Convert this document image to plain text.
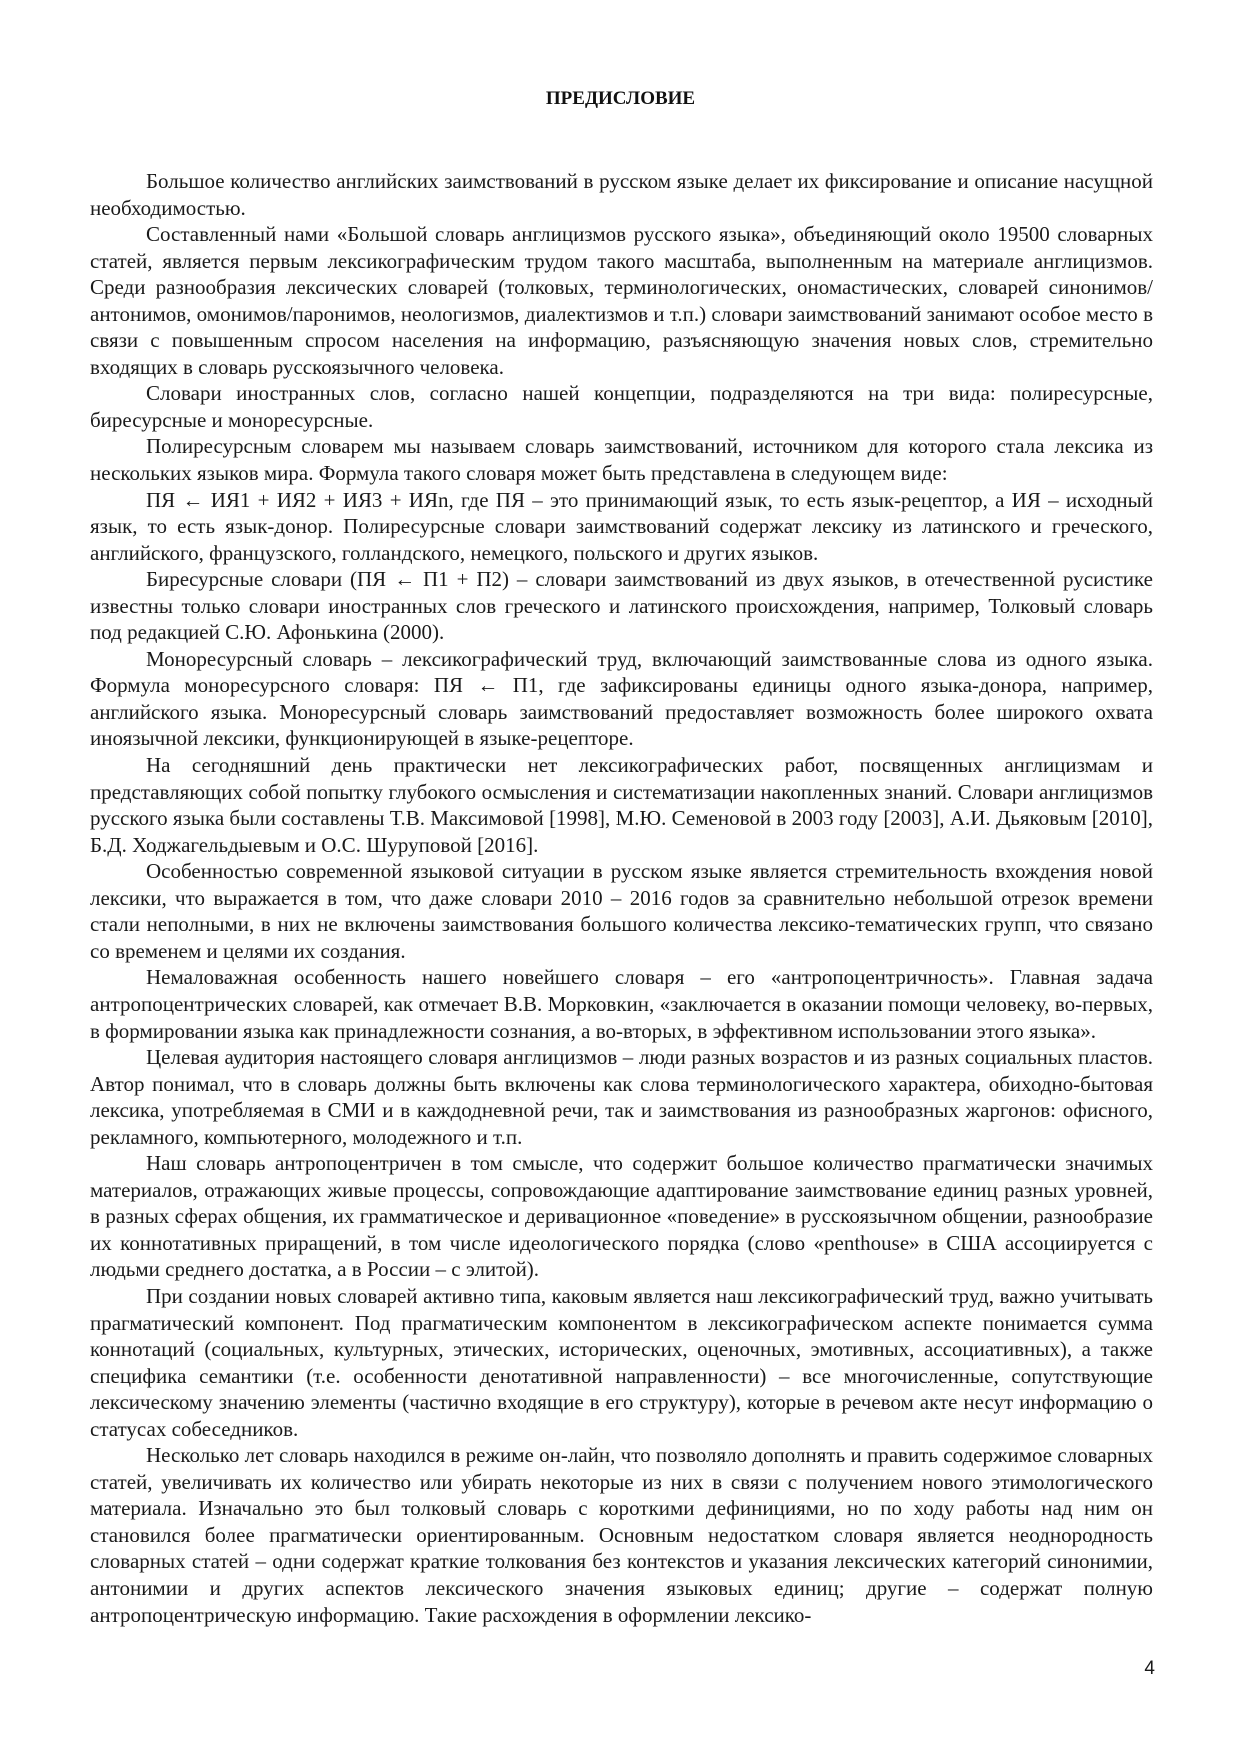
ПРЕДИСЛОВИЕ

Большое количество английских заимствований в русском языке делает их фиксирование и описание насущной необходимостью.

Составленный нами «Большой словарь англицизмов русского языка», объединяющий около 19500 словарных статей, является первым лексикографическим трудом такого масштаба, выполненным на материале англицизмов. Среди разнообразия лексических словарей (толковых, терминологических, ономастических, словарей синонимов/антонимов, омонимов/паронимов, неологизмов, диалектизмов и т.п.) словари заимствований занимают особое место в связи с повышенным спросом населения на информацию, разъясняющую значения новых слов, стремительно входящих в словарь русскоязычного человека.

Словари иностранных слов, согласно нашей концепции, подразделяются на три вида: полиресурсные, биресурсные и монoресурсные.

Полиресурсным словарем мы называем словарь заимствований, источником для которого стала лексика из нескольких языков мира. Формула такого словаря может быть представлена в следующем виде:

ПЯ ← ИЯ1 + ИЯ2 + ИЯ3 + ИЯn, где ПЯ – это принимающий язык, то есть язык-рецептор, а ИЯ – исходный язык, то есть язык-донор. Полиресурсные словари заимствований содержат лексику из латинского и греческого, английского, французского, голландского, немецкого, польского и других языков.

Бирeсурсные словари (ПЯ ← П1 + П2) – словари заимствований из двух языков, в отечественной русистике известны только словари иностранных слов греческого и латинского происхождения, например, Толковый словарь под редакцией С.Ю. Афонькина (2000).

Монoресурсный словарь – лексикографический труд, включающий заимствованные слова из одного языка. Формула моноресурсного словаря: ПЯ ← П1, где зафиксированы единицы одного языка-донора, например, английского языка. Монoресурсный словарь заимствований предоставляет возможность более широкого охвата иноязычной лексики, функционирующей в языке-рецепторе.

На сегодняшний день практически нет лексикографических работ, посвященных англицизмам и представляющих собой попытку глубокого осмысления и систематизации накопленных знаний. Словари англицизмов русского языка были составлены Т.В. Максимовой [1998], М.Ю. Семеновой в 2003 году [2003], А.И. Дьяковым [2010], Б.Д. Ходжагельдыевым и О.С. Шуруповой [2016].

Особенностью современной языковой ситуации в русском языке является стремительность вхождения новой лексики, что выражается в том, что даже словари 2010 – 2016 годов за сравнительно небольшой отрезок времени стали неполными, в них не включены заимствования большого количества лексико-тематических групп, что связано со временем и целями их создания.

Немаловажная особенность нашего новейшего словаря – его «антропоцентричность». Главная задача антропоцентрических словарей, как отмечает В.В. Морковкин, «заключается в оказании помощи человеку, во-первых, в формировании языка как принадлежности сознания, а во-вторых, в эффективном использовании этого языка».

Целевая аудитория настоящего словаря англицизмов – люди разных возрастов и из разных социальных пластов. Автор понимал, что в словарь должны быть включены как слова терминологического характера, обиходно-бытовая лексика, употребляемая в СМИ и в каждодневной речи, так и заимствования из разнообразных жаргонов: офисного, рекламного, компьютерного, молодежного и т.п.

Наш словарь антропоцентричен в том смысле, что содержит большое количество прагматически значимых материалов, отражающих живые процессы, сопровождающие адаптирование заимствование единиц разных уровней, в разных сферах общения, их грамматическое и деривационное «поведение» в русскоязычном общении, разнообразие их коннотативных приращений, в том числе идеологического порядка (слово «penthouse» в США ассоциируется с людьми среднего достатка, а в России – с элитой).

При создании новых словарей активно типа, каковым является наш лексикографический труд, важно учитывать прагматический компонент. Под прагматическим компонентом в лексикографическом аспекте понимается сумма коннотаций (социальных, культурных, этических, исторических, оценочных, эмотивных, ассоциативных), а также специфика семантики (т.е. особенности денотативной направленности) – все многочисленные, сопутствующие лексическому значению элементы (частично входящие в его структуру), которые в речевом акте несут информацию о статусах собеседников.

Несколько лет словарь находился в режиме он-лайн, что позволяло дополнять и править содержимое словарных статей, увеличивать их количество или убирать некоторые из них в связи с получением нового этимологического материала. Изначально это был толковый словарь с короткими дефинициями, но по ходу работы над ним он становился более прагматически ориентированным. Основным недостатком словаря является неоднородность словарных статей – одни содержат краткие толкования без контекстов и указания лексических категорий синонимии, антонимии и других аспектов лексического значения языковых единиц; другие – содержат полную антропоцентрическую информацию. Такие расхождения в оформлении лексико-

4
